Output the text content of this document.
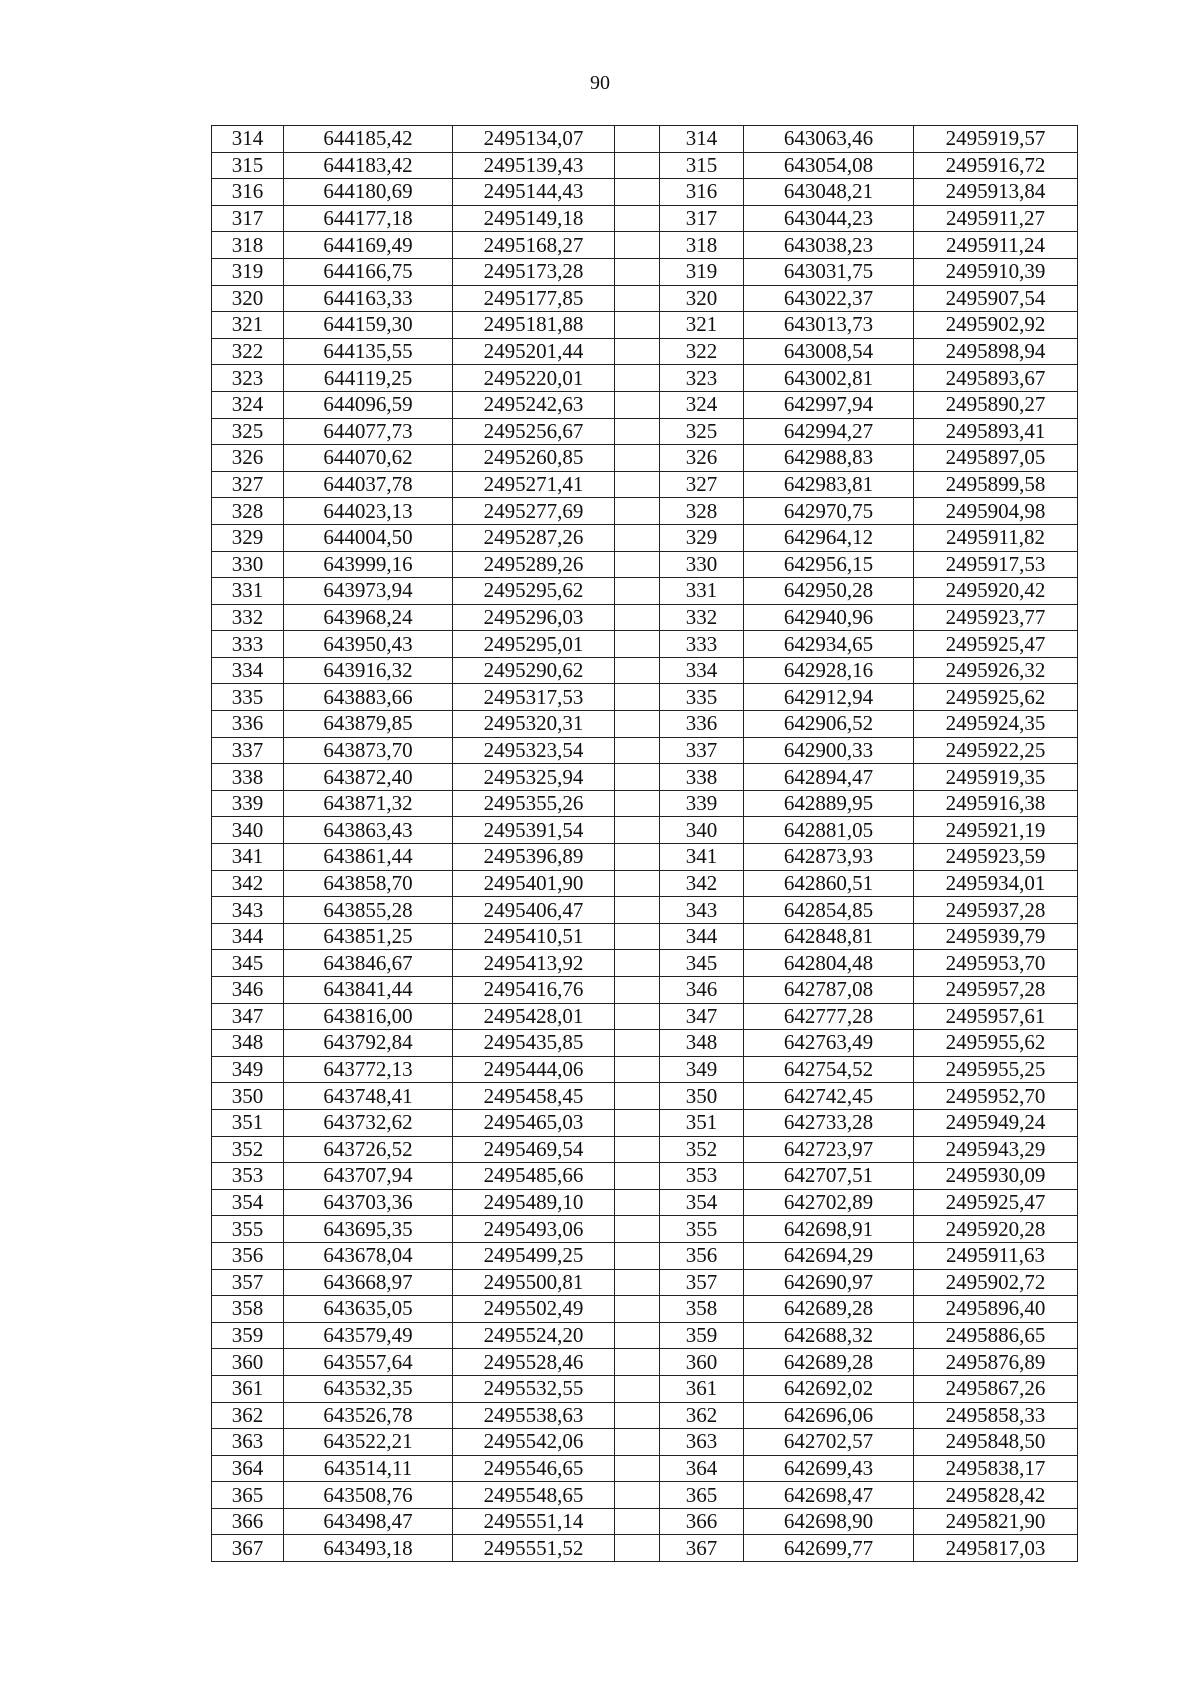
90
314	644185,42	2495134,07		314	643063,46	2495919,57
315	644183,42	2495139,43		315	643054,08	2495916,72
316	644180,69	2495144,43		316	643048,21	2495913,84
317	644177,18	2495149,18		317	643044,23	2495911,27
318	644169,49	2495168,27		318	643038,23	2495911,24
319	644166,75	2495173,28		319	643031,75	2495910,39
320	644163,33	2495177,85		320	643022,37	2495907,54
321	644159,30	2495181,88		321	643013,73	2495902,92
322	644135,55	2495201,44		322	643008,54	2495898,94
323	644119,25	2495220,01		323	643002,81	2495893,67
324	644096,59	2495242,63		324	642997,94	2495890,27
325	644077,73	2495256,67		325	642994,27	2495893,41
326	644070,62	2495260,85		326	642988,83	2495897,05
327	644037,78	2495271,41		327	642983,81	2495899,58
328	644023,13	2495277,69		328	642970,75	2495904,98
329	644004,50	2495287,26		329	642964,12	2495911,82
330	643999,16	2495289,26		330	642956,15	2495917,53
331	643973,94	2495295,62		331	642950,28	2495920,42
332	643968,24	2495296,03		332	642940,96	2495923,77
333	643950,43	2495295,01		333	642934,65	2495925,47
334	643916,32	2495290,62		334	642928,16	2495926,32
335	643883,66	2495317,53		335	642912,94	2495925,62
336	643879,85	2495320,31		336	642906,52	2495924,35
337	643873,70	2495323,54		337	642900,33	2495922,25
338	643872,40	2495325,94		338	642894,47	2495919,35
339	643871,32	2495355,26		339	642889,95	2495916,38
340	643863,43	2495391,54		340	642881,05	2495921,19
341	643861,44	2495396,89		341	642873,93	2495923,59
342	643858,70	2495401,90		342	642860,51	2495934,01
343	643855,28	2495406,47		343	642854,85	2495937,28
344	643851,25	2495410,51		344	642848,81	2495939,79
345	643846,67	2495413,92		345	642804,48	2495953,70
346	643841,44	2495416,76		346	642787,08	2495957,28
347	643816,00	2495428,01		347	642777,28	2495957,61
348	643792,84	2495435,85		348	642763,49	2495955,62
349	643772,13	2495444,06		349	642754,52	2495955,25
350	643748,41	2495458,45		350	642742,45	2495952,70
351	643732,62	2495465,03		351	642733,28	2495949,24
352	643726,52	2495469,54		352	642723,97	2495943,29
353	643707,94	2495485,66		353	642707,51	2495930,09
354	643703,36	2495489,10		354	642702,89	2495925,47
355	643695,35	2495493,06		355	642698,91	2495920,28
356	643678,04	2495499,25		356	642694,29	2495911,63
357	643668,97	2495500,81		357	642690,97	2495902,72
358	643635,05	2495502,49		358	642689,28	2495896,40
359	643579,49	2495524,20		359	642688,32	2495886,65
360	643557,64	2495528,46		360	642689,28	2495876,89
361	643532,35	2495532,55		361	642692,02	2495867,26
362	643526,78	2495538,63		362	642696,06	2495858,33
363	643522,21	2495542,06		363	642702,57	2495848,50
364	643514,11	2495546,65		364	642699,43	2495838,17
365	643508,76	2495548,65		365	642698,47	2495828,42
366	643498,47	2495551,14		366	642698,90	2495821,90
367	643493,18	2495551,52		367	642699,77	2495817,03
